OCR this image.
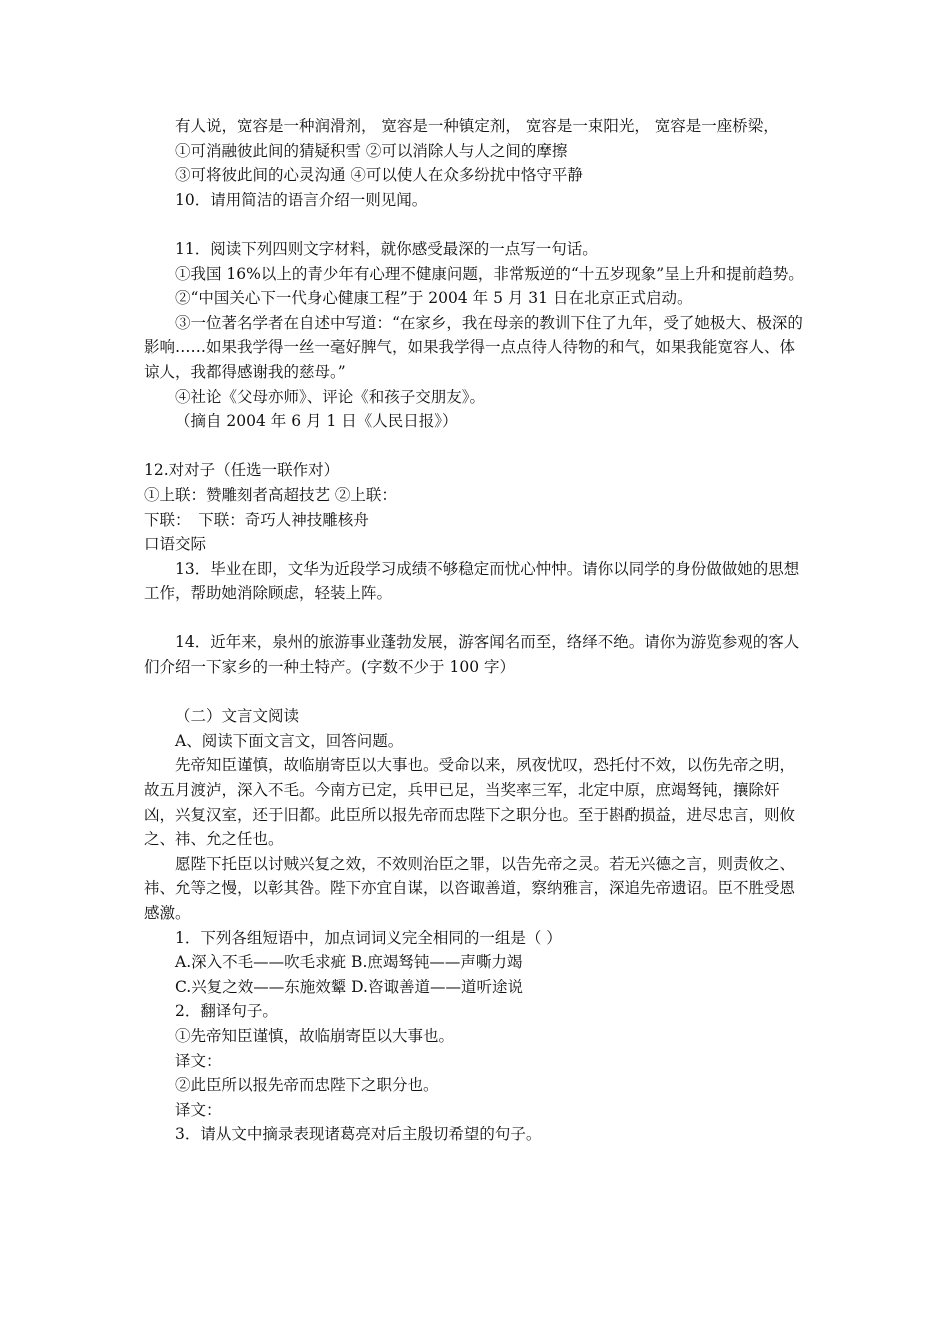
有人说，宽容是一种润滑剂， 宽容是一种镇定剂， 宽容是一束阳光， 宽容是一座桥梁，

①可消融彼此间的猜疑积雪 ②可以消除人与人之间的摩擦

③可将彼此间的心灵沟通 ④可以使人在众多纷扰中恪守平静

10．请用简洁的语言介绍一则见闻。

11．阅读下列四则文字材料，就你感受最深的一点写一句话。

①我国 16%以上的青少年有心理不健康问题，非常叛逆的“十五岁现象”呈上升和提前趋势。

②“中国关心下一代身心健康工程”于 2004 年 5 月 31 日在北京正式启动。

③一位著名学者在自述中写道：“在家乡，我在母亲的教训下住了九年，受了她极大、极深的影响……如果我学得一丝一毫好脾气，如果我学得一点点待人待物的和气，如果我能宽容人、体谅人，我都得感谢我的慈母。”

④社论《父母亦师》、评论《和孩子交朋友》。

（摘自 2004 年 6 月 1 日《人民日报》）

12.对对子（任选一联作对）

①上联：赞雕刻者高超技艺 ②上联：

下联：　下联：奇巧人神技雕核舟

口语交际

13．毕业在即，文华为近段学习成绩不够稳定而忧心忡忡。请你以同学的身份做做她的思想工作，帮助她消除顾虑，轻装上阵。

14．近年来，泉州的旅游事业蓬勃发展，游客闻名而至，络绎不绝。请你为游览参观的客人们介绍一下家乡的一种土特产。(字数不少于 100 字）

（二）文言文阅读

A、阅读下面文言文，回答问题。

先帝知臣谨慎，故临崩寄臣以大事也。受命以来，夙夜忧叹，恐托付不效，以伤先帝之明，故五月渡泸，深入不毛。今南方已定，兵甲已足，当奖率三军，北定中原，庶竭驽钝，攘除奸凶，兴复汉室，还于旧都。此臣所以报先帝而忠陛下之职分也。至于斟酌损益，进尽忠言，则攸之、祎、允之任也。

愿陛下托臣以讨贼兴复之效，不效则治臣之罪，以告先帝之灵。若无兴德之言，则责攸之、祎、允等之慢，以彰其咎。陛下亦宜自谋，以咨诹善道，察纳雅言，深追先帝遗诏。臣不胜受恩感激。

1．下列各组短语中，加点词词义完全相同的一组是（ ）

A.深入不毛——吹毛求疵 B.庶竭驽钝——声嘶力竭

C.兴复之效——东施效颦 D.咨诹善道——道听途说

2．翻译句子。

①先帝知臣谨慎，故临崩寄臣以大事也。

译文：

②此臣所以报先帝而忠陛下之职分也。

译文：

3．请从文中摘录表现诸葛亮对后主殷切希望的句子。
